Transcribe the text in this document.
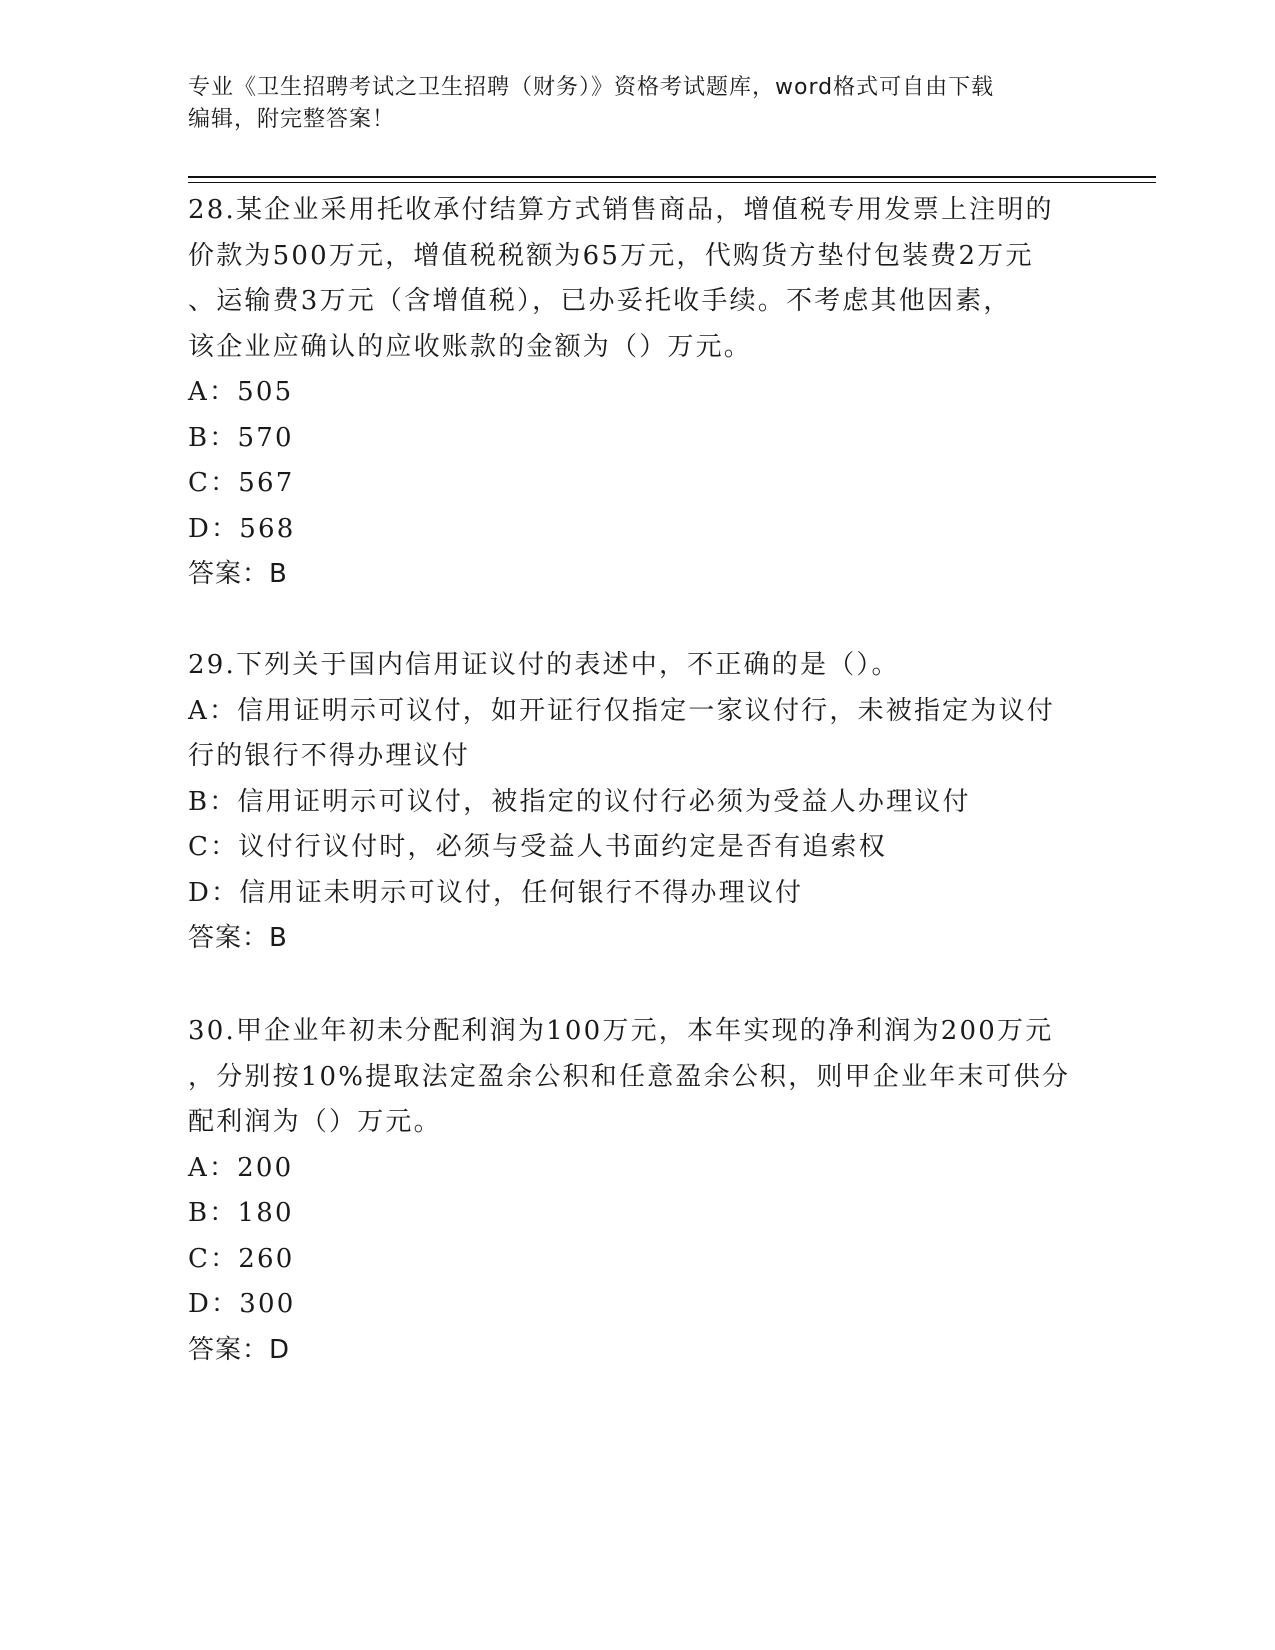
专业《卫生招聘考试之卫生招聘（财务）》资格考试题库，word格式可自由下载
编辑，附完整答案！

28.某企业采用托收承付结算方式销售商品，增值税专用发票上注明的

价款为500万元，增值税税额为65万元，代购货方垫付包装费2万元

、运输费3万元（含增值税），已办妥托收手续。不考虑其他因素，

该企业应确认的应收账款的金额为（）万元。

A：505

B：570

C：567

D：568

答案：B

29.下列关于国内信用证议付的表述中，不正确的是（）。

A：信用证明示可议付，如开证行仅指定一家议付行，未被指定为议付

行的银行不得办理议付

B：信用证明示可议付，被指定的议付行必须为受益人办理议付

C：议付行议付时，必须与受益人书面约定是否有追索权

D：信用证未明示可议付，任何银行不得办理议付

答案：B

30.甲企业年初未分配利润为100万元，本年实现的净利润为200万元

，分别按10%提取法定盈余公积和任意盈余公积，则甲企业年末可供分

配利润为（）万元。

A：200

B：180

C：260

D：300

答案：D
